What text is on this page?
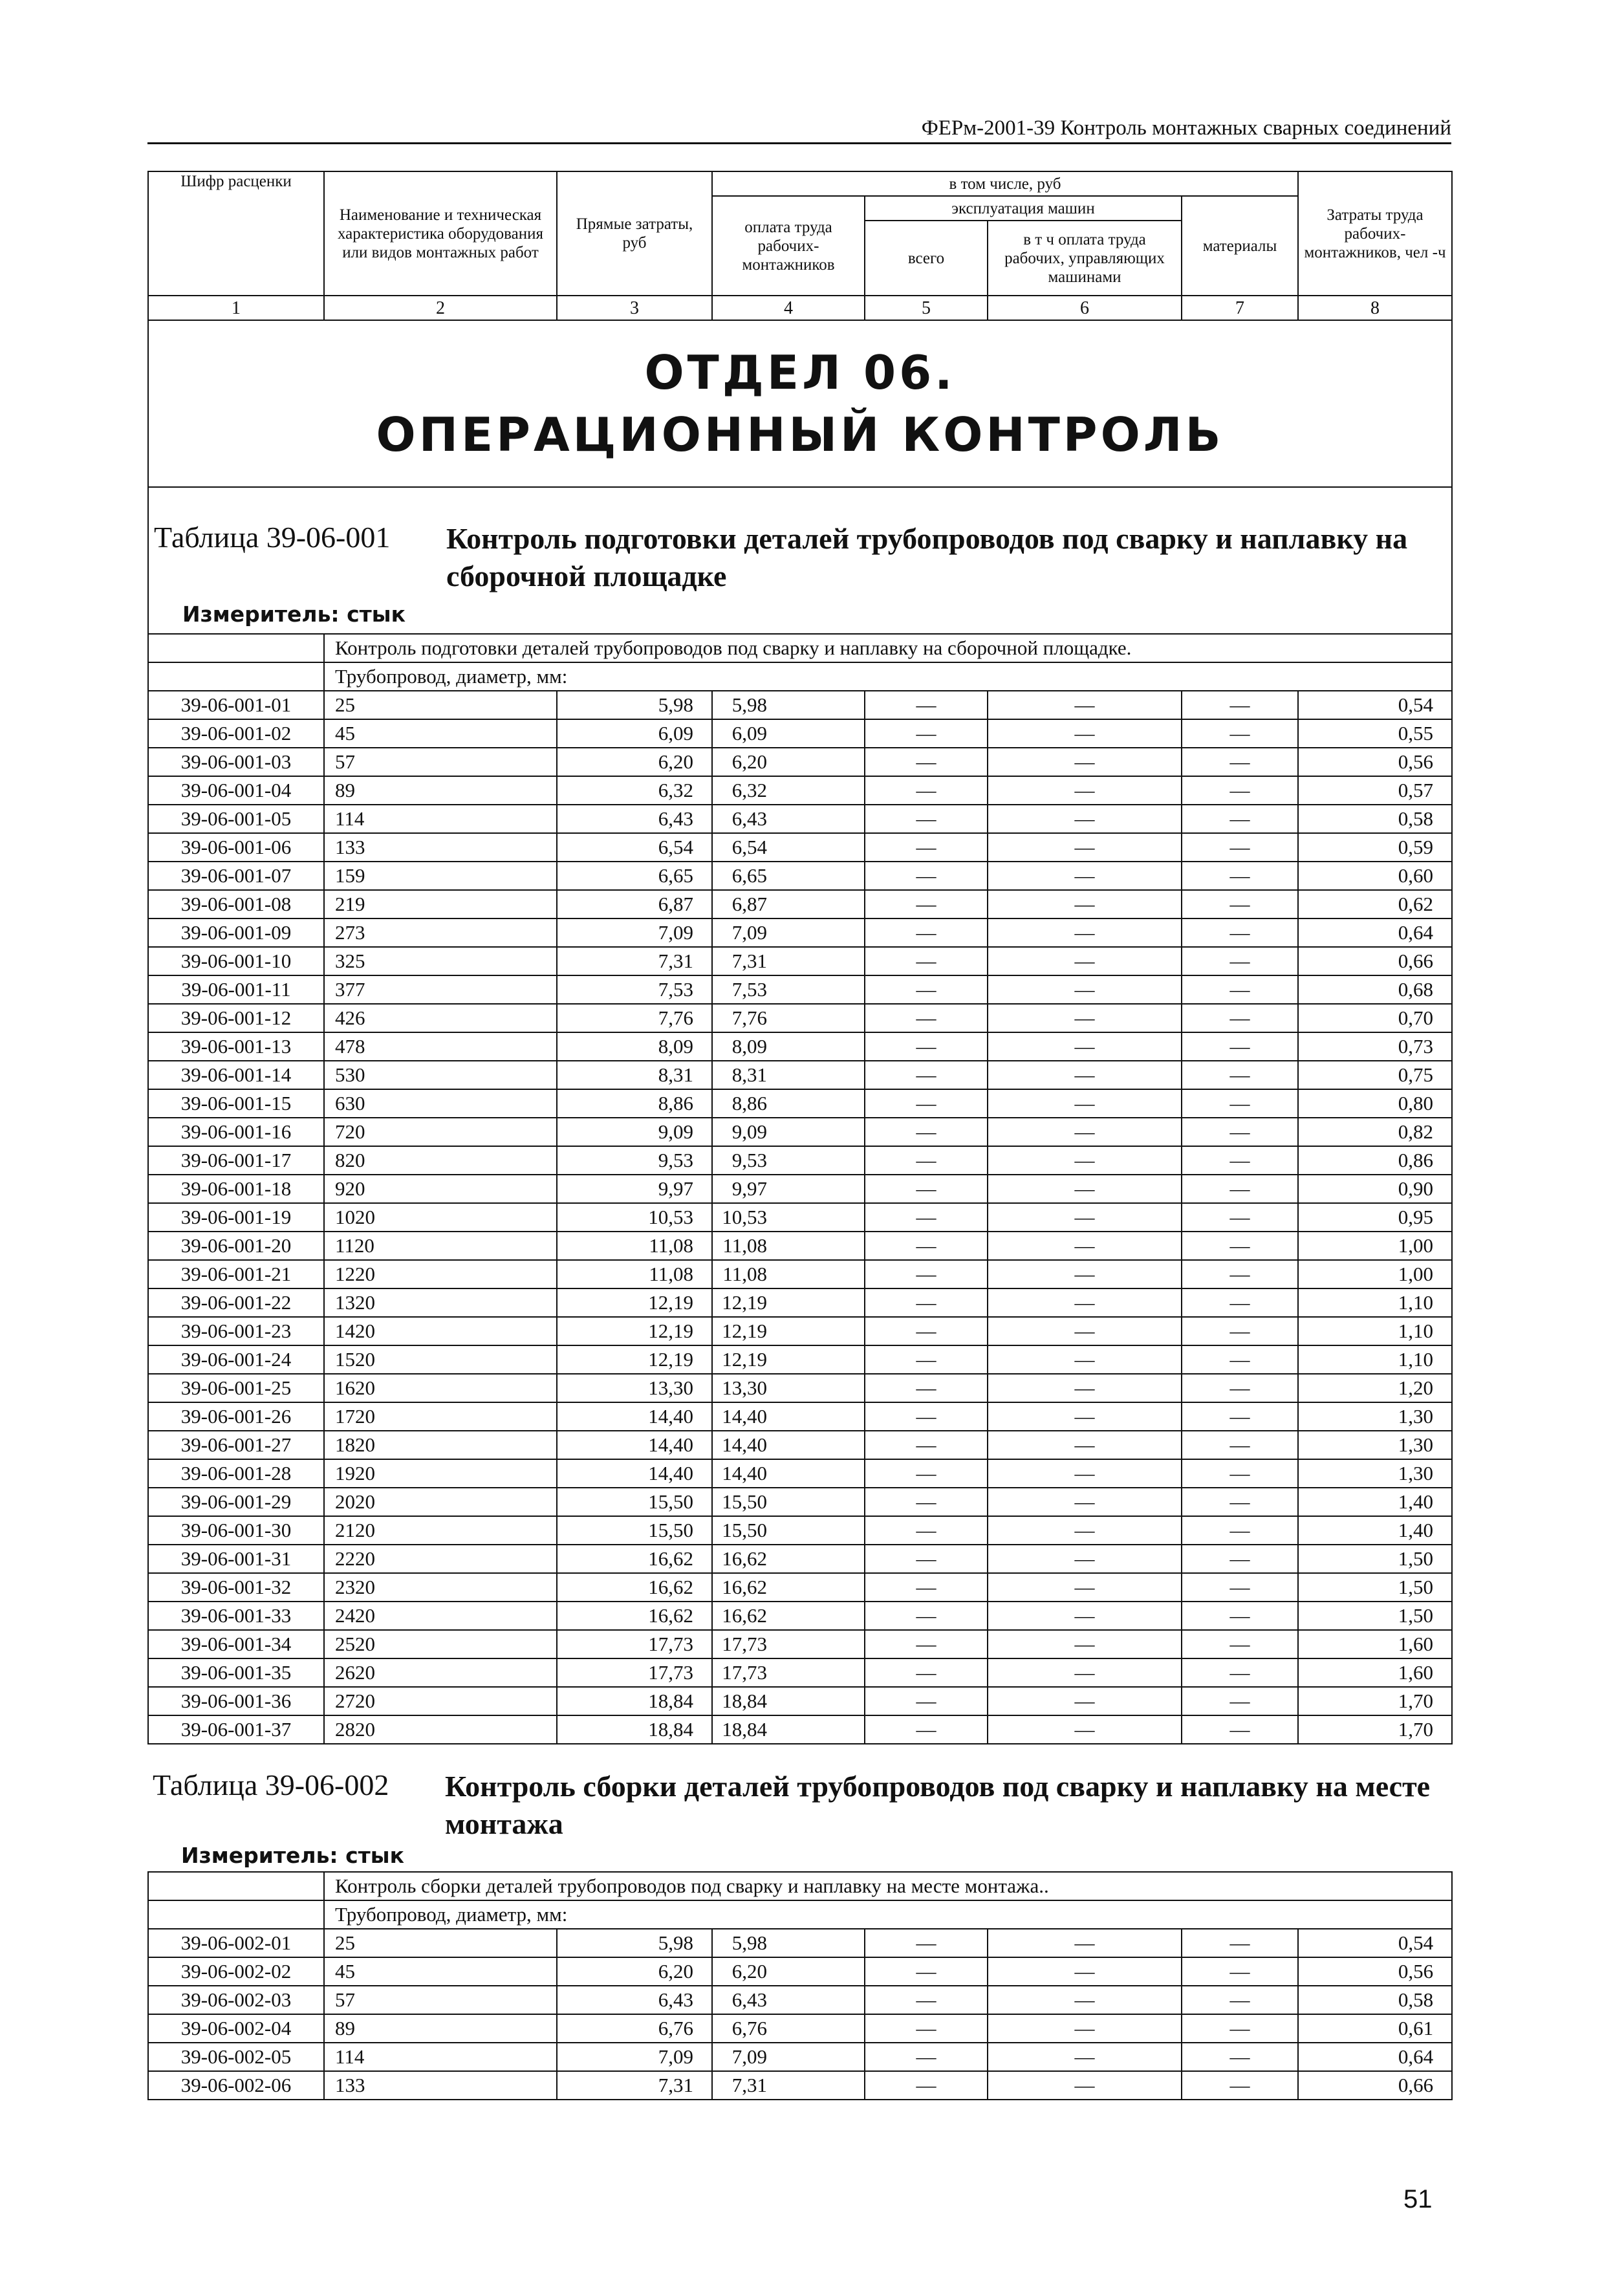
ФЕРм-2001-39 Контроль монтажных сварных соединений
Шифр расценки	Наименование и техническая характеристика оборудования или видов монтажных работ	Прямые затраты, руб	в том числе, руб				Затраты труда рабочих-монтажников, чел -ч
			оплата труда рабочих-монтажников	эксплуатация машин		материалы	
				всего	в т ч оплата труда рабочих, управляющих машинами		
1	2	3	4	5	6	7	8

ОТДЕЛ 06.
ОПЕРАЦИОННЫЙ КОНТРОЛЬ							

Таблица 39-06-001 Контроль подготовки деталей трубопроводов под сварку и наплавку на сборочной площадке
Измеритель: стык							
	Контроль подготовки деталей трубопроводов под сварку и наплавку на сборочной площадке.						
	Трубопровод, диаметр, мм:						
39-06-001-01	25	5,98	5,98	—	—	—	0,54
39-06-001-02	45	6,09	6,09	—	—	—	0,55
39-06-001-03	57	6,20	6,20	—	—	—	0,56
39-06-001-04	89	6,32	6,32	—	—	—	0,57
39-06-001-05	114	6,43	6,43	—	—	—	0,58
39-06-001-06	133	6,54	6,54	—	—	—	0,59
39-06-001-07	159	6,65	6,65	—	—	—	0,60
39-06-001-08	219	6,87	6,87	—	—	—	0,62
39-06-001-09	273	7,09	7,09	—	—	—	0,64
39-06-001-10	325	7,31	7,31	—	—	—	0,66
39-06-001-11	377	7,53	7,53	—	—	—	0,68
39-06-001-12	426	7,76	7,76	—	—	—	0,70
39-06-001-13	478	8,09	8,09	—	—	—	0,73
39-06-001-14	530	8,31	8,31	—	—	—	0,75
39-06-001-15	630	8,86	8,86	—	—	—	0,80
39-06-001-16	720	9,09	9,09	—	—	—	0,82
39-06-001-17	820	9,53	9,53	—	—	—	0,86
39-06-001-18	920	9,97	9,97	—	—	—	0,90
39-06-001-19	1020	10,53	10,53	—	—	—	0,95
39-06-001-20	1120	11,08	11,08	—	—	—	1,00
39-06-001-21	1220	11,08	11,08	—	—	—	1,00
39-06-001-22	1320	12,19	12,19	—	—	—	1,10
39-06-001-23	1420	12,19	12,19	—	—	—	1,10
39-06-001-24	1520	12,19	12,19	—	—	—	1,10
39-06-001-25	1620	13,30	13,30	—	—	—	1,20
39-06-001-26	1720	14,40	14,40	—	—	—	1,30
39-06-001-27	1820	14,40	14,40	—	—	—	1,30
39-06-001-28	1920	14,40	14,40	—	—	—	1,30
39-06-001-29	2020	15,50	15,50	—	—	—	1,40
39-06-001-30	2120	15,50	15,50	—	—	—	1,40
39-06-001-31	2220	16,62	16,62	—	—	—	1,50
39-06-001-32	2320	16,62	16,62	—	—	—	1,50
39-06-001-33	2420	16,62	16,62	—	—	—	1,50
39-06-001-34	2520	17,73	17,73	—	—	—	1,60
39-06-001-35	2620	17,73	17,73	—	—	—	1,60
39-06-001-36	2720	18,84	18,84	—	—	—	1,70
39-06-001-37	2820	18,84	18,84	—	—	—	1,70
Таблица 39-06-002 Контроль сборки деталей трубопроводов под сварку и наплавку на месте монтажа
Измеритель: стык
	Контроль сборки деталей трубопроводов под сварку и наплавку на месте монтажа..						
	Трубопровод, диаметр, мм:						
39-06-002-01	25	5,98	5,98	—	—	—	0,54
39-06-002-02	45	6,20	6,20	—	—	—	0,56
39-06-002-03	57	6,43	6,43	—	—	—	0,58
39-06-002-04	89	6,76	6,76	—	—	—	0,61
39-06-002-05	114	7,09	7,09	—	—	—	0,64
39-06-002-06	133	7,31	7,31	—	—	—	0,66
51
